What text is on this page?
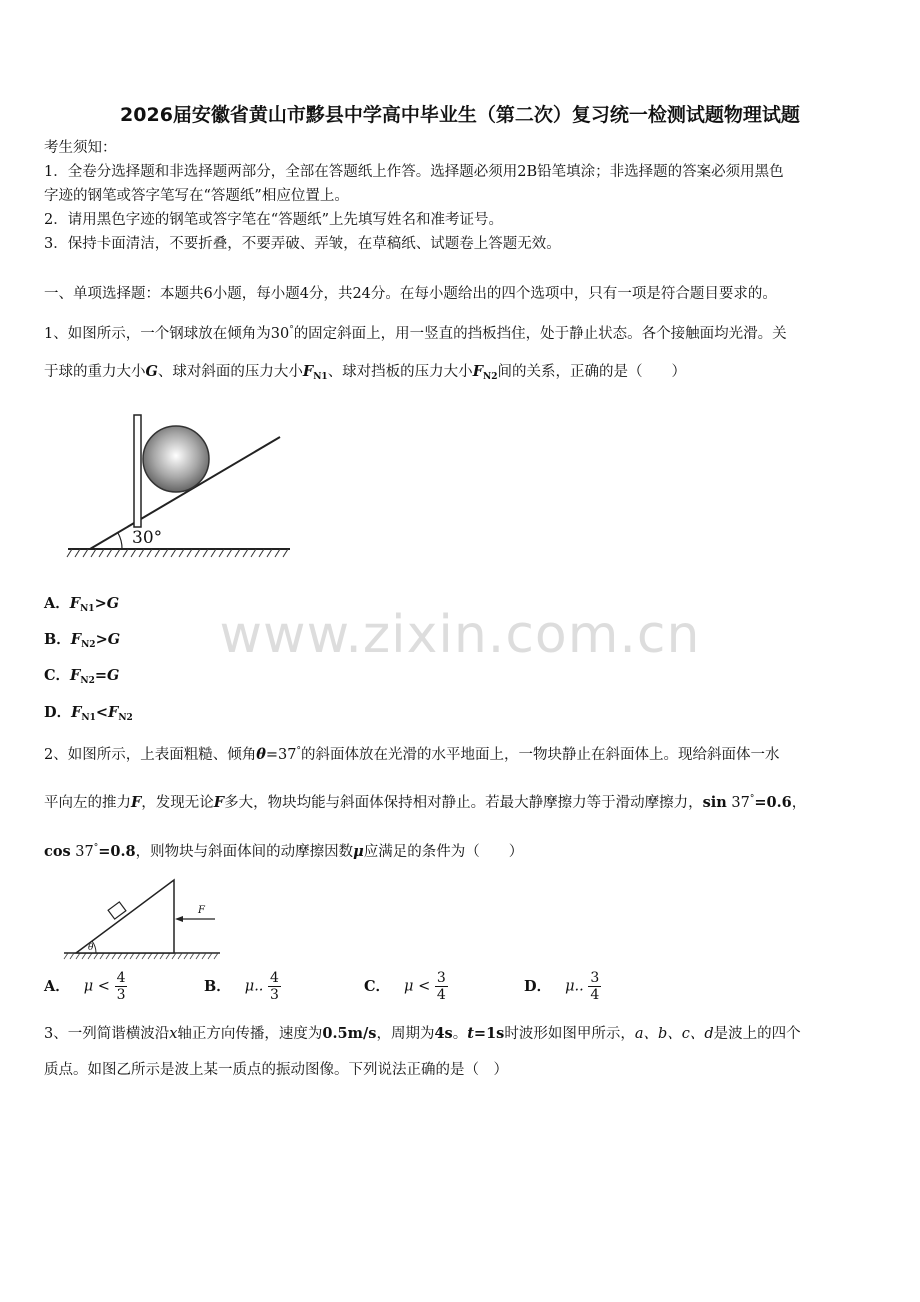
2026届安徽省黄山市黟县中学高中毕业生（第二次）复习统一检测试题物理试题
考生须知：
1．全卷分选择题和非选择题两部分，全部在答题纸上作答。选择题必须用2B铅笔填涂；非选择题的答案必须用黑色
字迹的钢笔或答字笔写在“答题纸”相应位置上。
2．请用黑色字迹的钢笔或答字笔在“答题纸”上先填写姓名和准考证号。
3．保持卡面清洁，不要折叠，不要弄破、弄皱，在草稿纸、试题卷上答题无效。
一、单项选择题：本题共6小题，每小题4分，共24分。在每小题给出的四个选项中，只有一项是符合题目要求的。
1、如图所示，一个钢球放在倾角为30°的固定斜面上，用一竖直的挡板挡住，处于静止状态。各个接触面均光滑。关
于球的重力大小G、球对斜面的压力大小$F_{N1}$、球对挡板的压力大小$F_{N2}$间的关系，正确的是（　　）
30°
A．$F_{N1}>G$
B．$F_{N2}>G$
C．$F_{N2}=G$
D．$F_{N1}<F_{N2}$
www.zixin.com.cn
2、如图所示，上表面粗糙、倾角θ=37°的斜面体放在光滑的水平地面上，一物块静止在斜面体上。现给斜面体一水
平向左的推力F，发现无论F多大，物块均能与斜面体保持相对静止。若最大静摩擦力等于滑动摩擦力，sin 37°=0.6，
cos 37°=0.8，则物块与斜面体间的动摩擦因数μ应满足的条件为（　　）
θ
F
A． $\mu < \frac{4}{3}$	B． μ.. $\frac{4}{3}$	C． $\mu < \frac{3}{4}$	D． μ.. $\frac{3}{4}$
3、一列简谐横波沿x轴正方向传播，速度为0.5m/s，周期为4s。t=1s时波形如图甲所示，a、b、c、d是波上的四个
质点。如图乙所示是波上某一质点的振动图像。下列说法正确的是（　）
